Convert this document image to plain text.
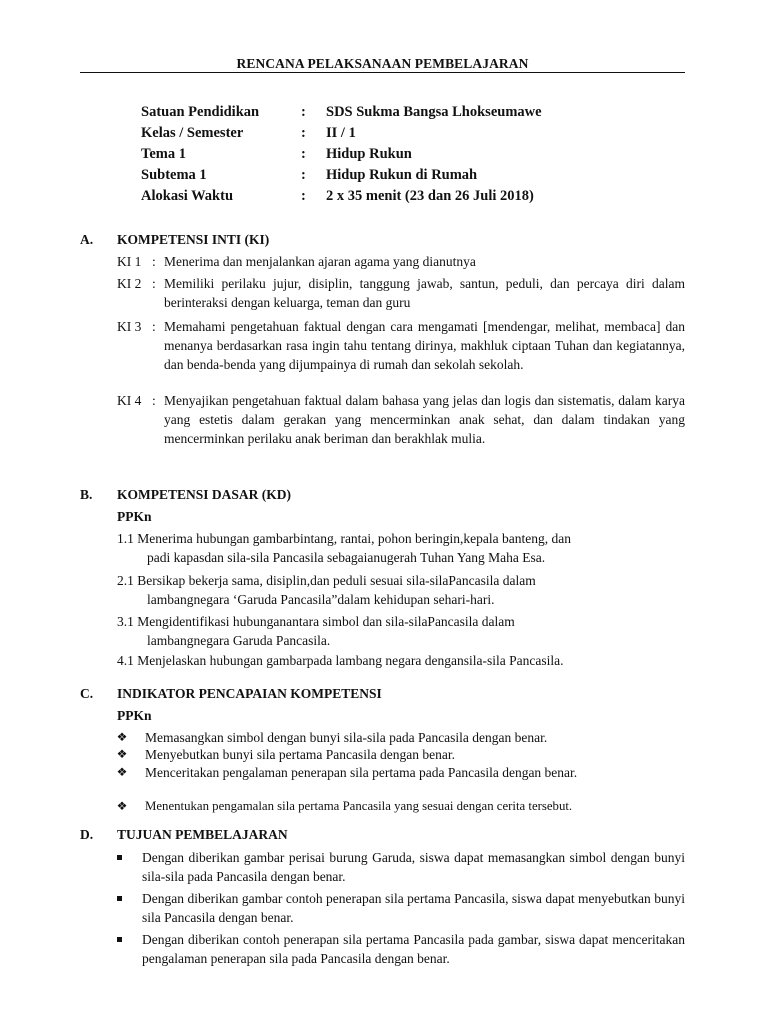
RENCANA PELAKSANAAN PEMBELAJARAN
Satuan Pendidikan	:	SDS Sukma Bangsa Lhokseumawe
Kelas / Semester	:	II / 1
Tema 1	:	Hidup Rukun
Subtema 1	:	Hidup Rukun di Rumah
Alokasi Waktu	:	2 x 35 menit (23 dan 26 Juli 2018)
A. KOMPETENSI INTI (KI)
KI 1 : Menerima dan menjalankan ajaran agama yang dianutnya
KI 2 : Memiliki perilaku jujur, disiplin, tanggung jawab, santun, peduli, dan percaya diri dalam berinteraksi dengan keluarga, teman dan guru
KI 3 : Memahami pengetahuan faktual dengan cara mengamati [mendengar, melihat, membaca] dan menanya berdasarkan rasa ingin tahu tentang dirinya, makhluk ciptaan Tuhan dan kegiatannya, dan benda-benda yang dijumpainya di rumah dan sekolah sekolah.
KI 4 : Menyajikan pengetahuan faktual dalam bahasa yang jelas dan logis dan sistematis, dalam karya yang estetis dalam gerakan yang mencerminkan anak sehat, dan dalam tindakan yang mencerminkan perilaku anak beriman dan berakhlak mulia.
B. KOMPETENSI DASAR (KD)
PPKn
1.1 Menerima hubungan gambarbintang, rantai, pohon beringin,kepala banteng, dan
padi kapasdan sila-sila Pancasila sebagaianugerah Tuhan Yang Maha Esa.
2.1 Bersikap bekerja sama, disiplin,dan peduli sesuai sila-silaPancasila dalam
lambangnegara ‘Garuda Pancasila”dalam kehidupan sehari-hari.
3.1 Mengidentifikasi hubunganantara simbol dan sila-silaPancasila dalam
lambangnegara Garuda Pancasila.
4.1 Menjelaskan hubungan gambarpada lambang negara dengansila-sila Pancasila.
C. INDIKATOR PENCAPAIAN KOMPETENSI
PPKn
❖ Memasangkan simbol dengan bunyi sila-sila pada Pancasila dengan benar.
❖ Menyebutkan bunyi sila pertama Pancasila dengan benar.
❖ Menceritakan pengalaman penerapan sila pertama pada Pancasila dengan benar.
❖ Menentukan pengamalan sila pertama Pancasila yang sesuai dengan cerita tersebut.
D. TUJUAN PEMBELAJARAN
Dengan diberikan gambar perisai burung Garuda, siswa dapat memasangkan simbol dengan bunyi sila-sila pada Pancasila dengan benar.
Dengan diberikan gambar contoh penerapan sila pertama Pancasila, siswa dapat menyebutkan bunyi sila Pancasila dengan benar.
Dengan diberikan contoh penerapan sila pertama Pancasila pada gambar, siswa dapat menceritakan pengalaman penerapan sila pada Pancasila dengan benar.
